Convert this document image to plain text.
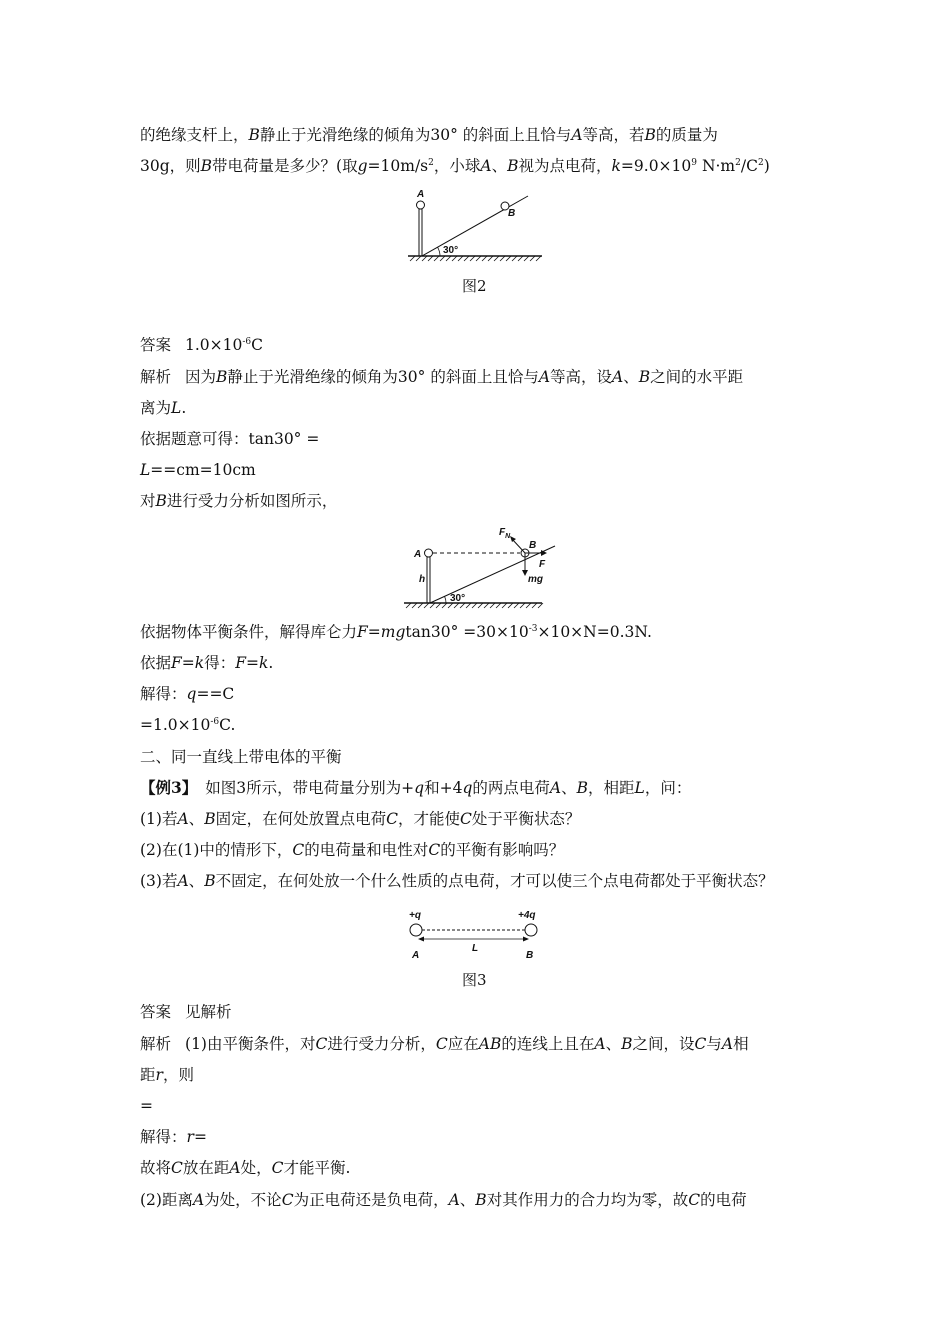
的绝缘支杆上，B静止于光滑绝缘的倾角为30° 的斜面上且恰与A等高，若B的质量为
30g，则B带电荷量是多少？(取$g=10m/s^2$，小球A、B视为点电荷，$k=9.0\times 10^9$ $N\cdot m^2/C^2$)
A
B
30°
图2
答案 $1.0\times 10^{-6}C$
解析 因为B静止于光滑绝缘的倾角为30° 的斜面上且恰与A等高，设A、B之间的水平距
离为L.
依据题意可得：tan30° =
L==cm=10cm
对B进行受力分析如图所示，
A
h
$F_N$
B
F
mg
30°
依据物体平衡条件，解得库仑力$F=mgtan30^\circ =30\times 10^{-3}\times 10\times N=0.3N$.
依据F=k得：F=k.
解得：q==C
$=1.0\times 10^{-6}C$.
二、同一直线上带电体的平衡
【例3】 如图3所示，带电荷量分别为+q和+4q的两点电荷A、B，相距L，问：
(1)若A、B固定，在何处放置点电荷C，才能使C处于平衡状态？
(2)在(1)中的情形下，C的电荷量和电性对C的平衡有影响吗？
(3)若A、B不固定，在何处放一个什么性质的点电荷，才可以使三个点电荷都处于平衡状态？
+q	+4q
A
L
B
图3
答案 见解析
解析 (1)由平衡条件，对C进行受力分析，C应在AB的连线上且在A、B之间，设C与A相
距r，则
=
解得：r=
故将C放在距A处，C才能平衡.
(2)距离A为处，不论C为正电荷还是负电荷，A、B对其作用力的合力均为零，故C的电荷
